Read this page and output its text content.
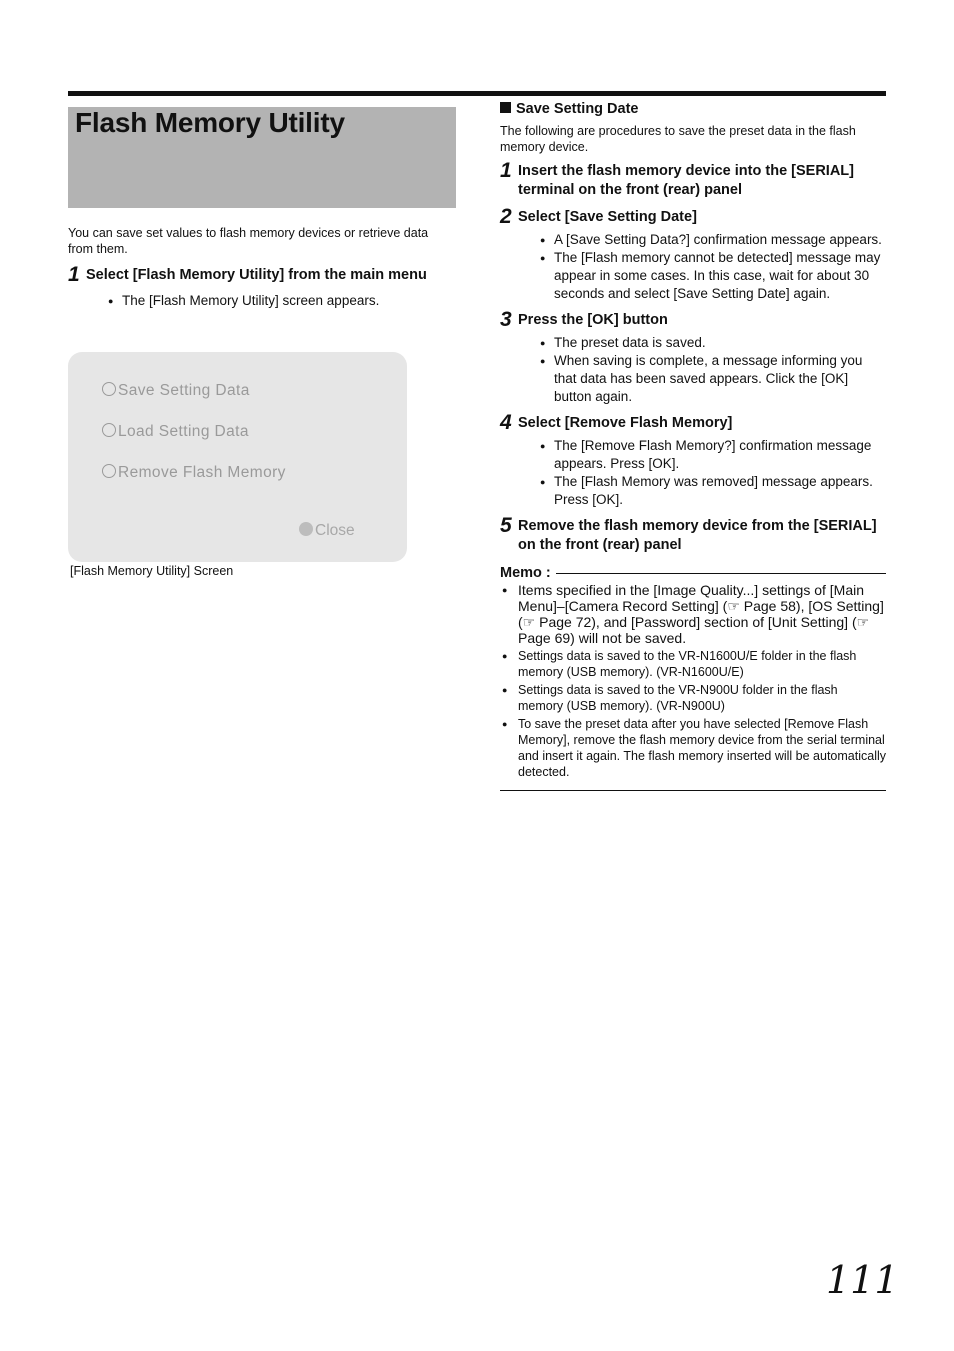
Flash Memory Utility

You can save set values to flash memory devices or retrieve data from them.

1 Select [Flash Memory Utility] from the main menu
● The [Flash Memory Utility] screen appears.
Save Setting Data
Load Setting Data
Remove Flash Memory
Close
[Flash Memory Utility] Screen
Save Setting Date

The following are procedures to save the preset data in the flash memory device.

1 Insert the flash memory device into the [SERIAL] terminal on the front (rear) panel
2 Select [Save Setting Date]
● A [Save Setting Data?] confirmation message appears.
● The [Flash memory cannot be detected] message may appear in some cases. In this case, wait for about 30 seconds and select [Save Setting Date] again.
3 Press the [OK] button
● The preset data is saved.
● When saving is complete, a message informing you that data has been saved appears. Click the [OK] button again.
4 Select [Remove Flash Memory]
● The [Remove Flash Memory?] confirmation message appears. Press [OK].
● The [Flash Memory was removed] message appears. Press [OK].
5 Remove the flash memory device from the [SERIAL] on the front (rear) panel
Memo :
● Items specified in the [Image Quality...] settings of [Main Menu]–[Camera Record Setting] (☞ Page 58), [OS Setting](☞ Page 72), and [Password] section of [Unit Setting] (☞ Page 69) will not be saved.
● Settings data is saved to the VR-N1600U/E folder in the flash memory (USB memory). (VR-N1600U/E)
● Settings data is saved to the VR-N900U folder in the flash memory (USB memory). (VR-N900U)
● To save the preset data after you have selected [Remove Flash Memory], remove the flash memory device from the serial terminal and insert it again. The flash memory inserted will be automatically detected.
111
